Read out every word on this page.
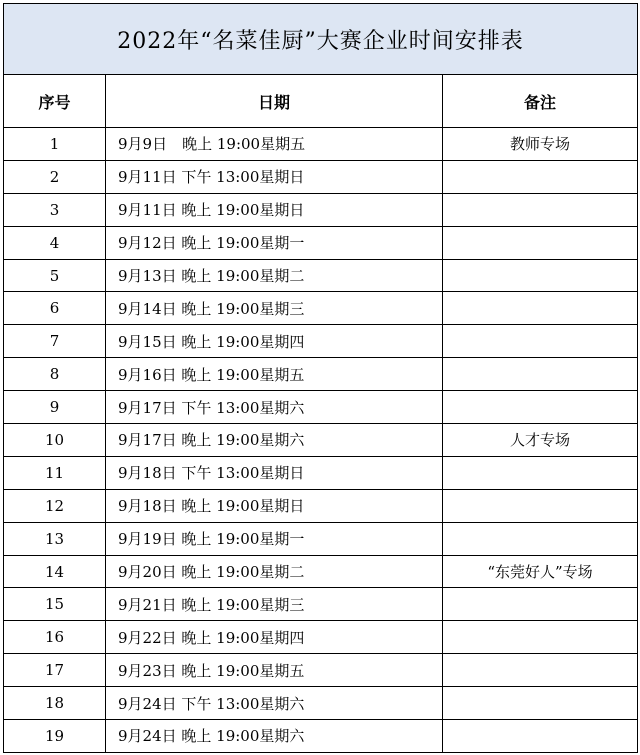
2022年“名菜佳厨”大赛企业时间安排表		
序号	日期	备注
1	9月9日　晚上 19:00星期五	教师专场
2	9月11日 下午 13:00星期日	
3	9月11日 晚上 19:00星期日	
4	9月12日 晚上 19:00星期一	
5	9月13日 晚上 19:00星期二	
6	9月14日 晚上 19:00星期三	
7	9月15日 晚上 19:00星期四	
8	9月16日 晚上 19:00星期五	
9	9月17日 下午 13:00星期六	
10	9月17日 晚上 19:00星期六	人才专场
11	9月18日 下午 13:00星期日	
12	9月18日 晚上 19:00星期日	
13	9月19日 晚上 19:00星期一	
14	9月20日 晚上 19:00星期二	“东莞好人”专场
15	9月21日 晚上 19:00星期三	
16	9月22日 晚上 19:00星期四	
17	9月23日 晚上 19:00星期五	
18	9月24日 下午 13:00星期六	
19	9月24日 晚上 19:00星期六	
